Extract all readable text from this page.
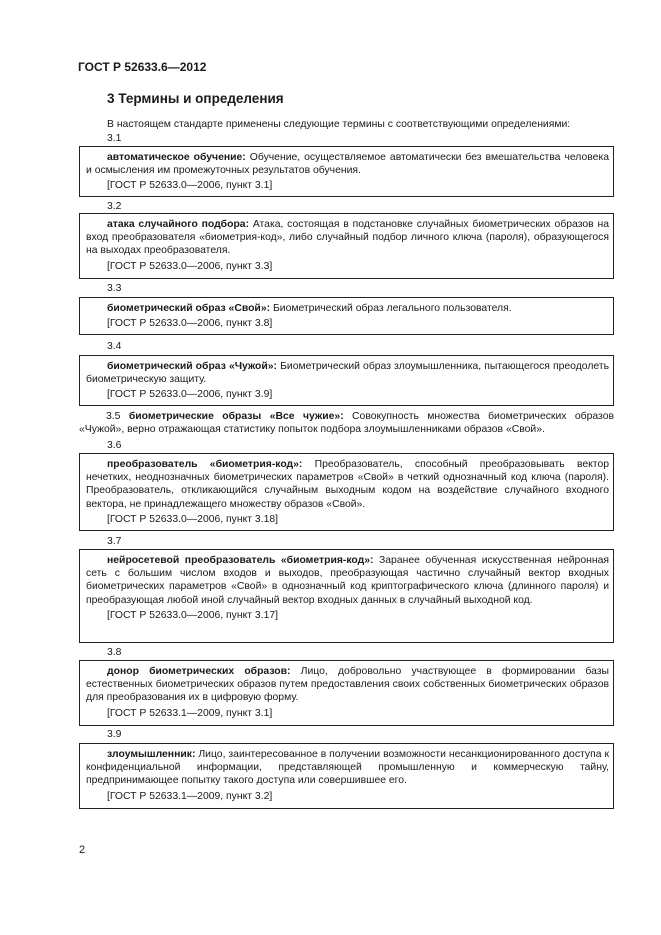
ГОСТ Р 52633.6—2012
3 Термины и определения
В настоящем стандарте применены следующие термины с соответствующими определениями:
3.1

автоматическое обучение: Обучение, осуществляемое автоматически без вмешательства человека и осмысления им промежуточных результатов обучения.

[ГОСТ Р 52633.0—2006, пункт 3.1]
3.2

атака случайного подбора: Атака, состоящая в подстановке случайных биометрических образов на вход преобразователя «биометрия-код», либо случайный подбор личного ключа (пароля), образующегося на выходах преобразователя.

[ГОСТ Р 52633.0—2006, пункт 3.3]
3.3

биометрический образ «Свой»: Биометрический образ легального пользователя.

[ГОСТ Р 52633.0—2006, пункт 3.8]
3.4

биометрический образ «Чужой»: Биометрический образ злоумышленника, пытающегося преодолеть биометрическую защиту.

[ГОСТ Р 52633.0—2006, пункт 3.9]

3.5 биометрические образы «Все чужие»: Совокупность множества биометрических образов «Чужой», верно отражающая статистику попыток подбора злоумышленниками образов «Свой».

3.6

преобразователь «биометрия-код»: Преобразователь, способный преобразовывать вектор нечетких, неоднозначных биометрических параметров «Свой» в четкий однозначный код ключа (пароля). Преобразователь, откликающийся случайным выходным кодом на воздействие случайного входного вектора, не принадлежащего множеству образов «Свой».

[ГОСТ Р 52633.0—2006, пункт 3.18]
3.7

нейросетевой преобразователь «биометрия-код»: Заранее обученная искусственная нейронная сеть с большим числом входов и выходов, преобразующая частично случайный вектор входных биометрических параметров «Свой» в однозначный код криптографического ключа (длинного пароля) и преобразующая любой иной случайный вектор входных данных в случайный выходной код.

[ГОСТ Р 52633.0—2006, пункт 3.17]
3.8

донор биометрических образов: Лицо, добровольно участвующее в формировании базы естественных биометрических образов путем предоставления своих собственных биометрических образов для преобразования их в цифровую форму.

[ГОСТ Р 52633.1—2009, пункт 3.1]
3.9

злоумышленник: Лицо, заинтересованное в получении возможности несанкционированного доступа к конфиденциальной информации, представляющей промышленную и коммерческую тайну, предпринимающее попытку такого доступа или совершившее его.

[ГОСТ Р 52633.1—2009, пункт 3.2]
2
